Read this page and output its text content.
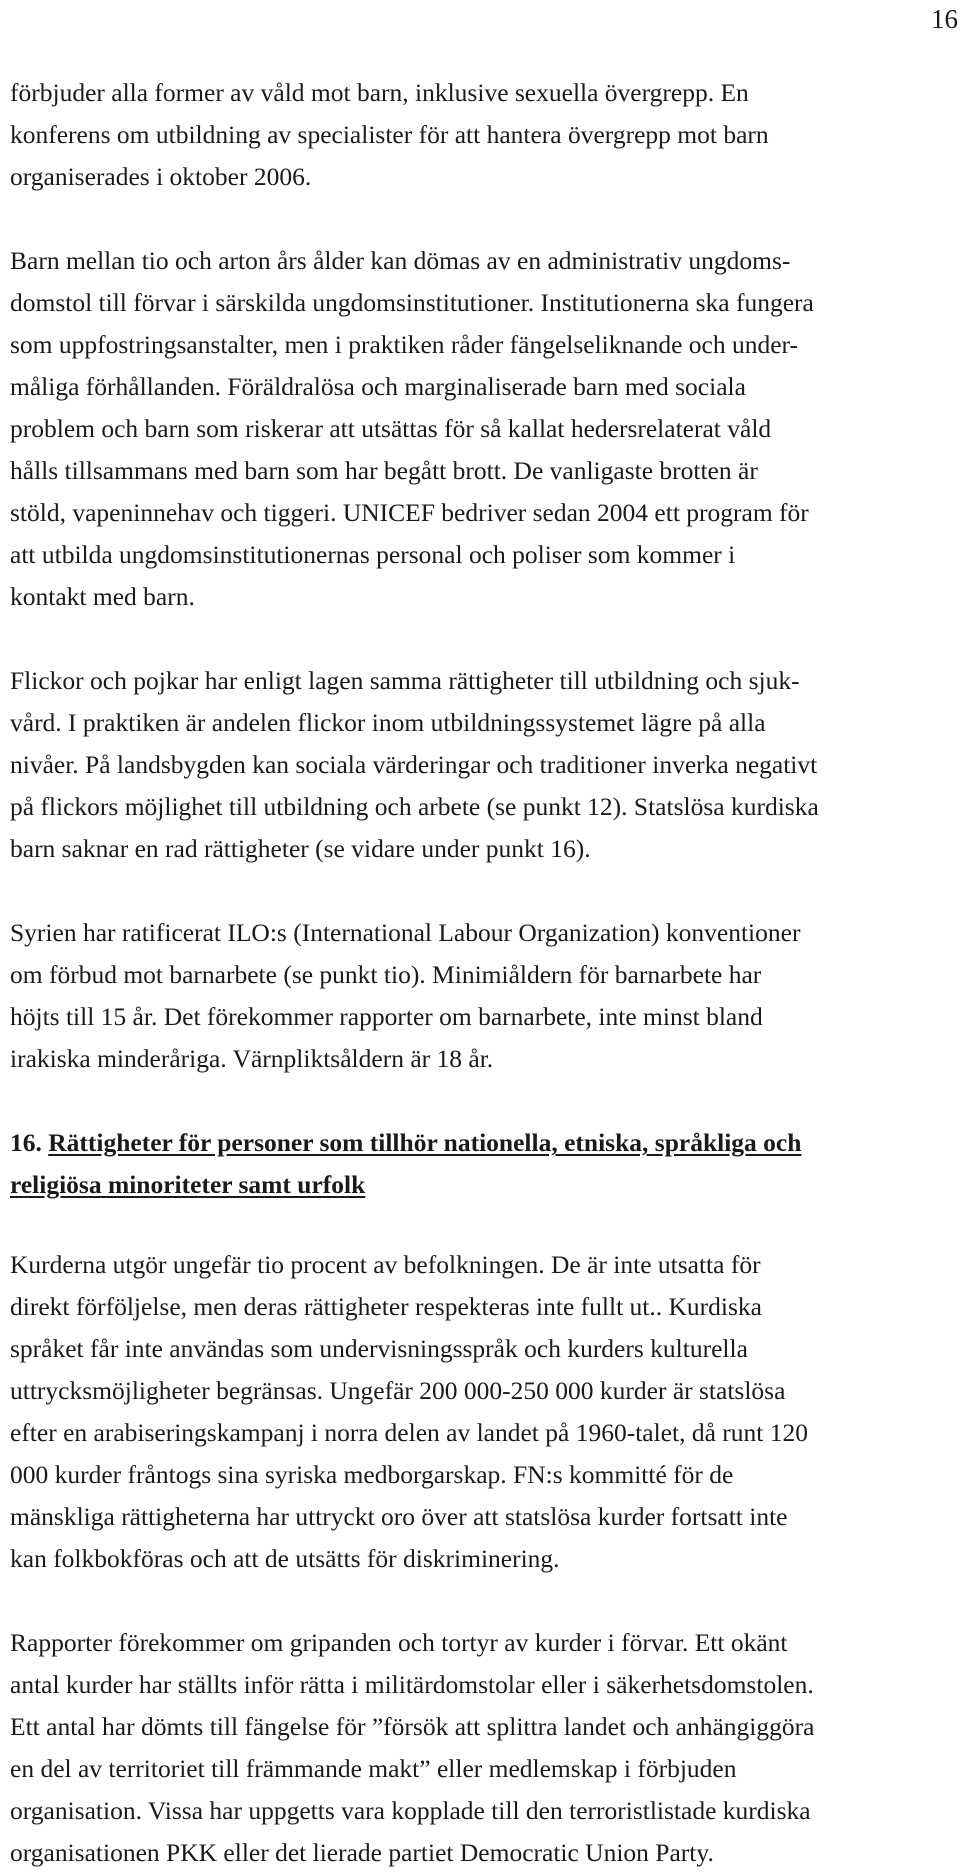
16

förbjuder alla former av våld mot barn, inklusive sexuella övergrepp. En
konferens om utbildning av specialister för att hantera övergrepp mot barn
organiserades i oktober 2006.

Barn mellan tio och arton års ålder kan dömas av en administrativ ungdoms-
domstol till förvar i särskilda ungdomsinstitutioner. Institutionerna ska fungera
som uppfostringsanstalter, men i praktiken råder fängelseliknande och under-
måliga förhållanden. Föräldralösa och marginaliserade barn med sociala
problem och barn som riskerar att utsättas för så kallat hedersrelaterat våld
hålls tillsammans med barn som har begått brott. De vanligaste brotten är
stöld, vapeninnehav och tiggeri. UNICEF bedriver sedan 2004 ett program för
att utbilda ungdomsinstitutionernas personal och poliser som kommer i
kontakt med barn.

Flickor och pojkar har enligt lagen samma rättigheter till utbildning och sjuk-
vård. I praktiken är andelen flickor inom utbildningssystemet lägre på alla
nivåer. På landsbygden kan sociala värderingar och traditioner inverka negativt
på flickors möjlighet till utbildning och arbete (se punkt 12). Statslösa kurdiska
barn saknar en rad rättigheter (se vidare under punkt 16).

Syrien har ratificerat ILO:s (International Labour Organization) konventioner
om förbud mot barnarbete (se punkt tio). Minimiåldern för barnarbete har
höjts till 15 år. Det förekommer rapporter om barnarbete, inte minst bland
irakiska minderåriga. Värnpliktsåldern är 18 år.

16. Rättigheter för personer som tillhör nationella, etniska, språkliga och
religiösa minoriteter samt urfolk

Kurderna utgör ungefär tio procent av befolkningen. De är inte utsatta för
direkt förföljelse, men deras rättigheter respekteras inte fullt ut.. Kurdiska
språket får inte användas som undervisningsspråk och kurders kulturella
uttrycksmöjligheter begränsas. Ungefär 200 000-250 000 kurder är statslösa
efter en arabiseringskampanj i norra delen av landet på 1960-talet, då runt 120
000 kurder fråntogs sina syriska medborgarskap. FN:s kommitté för de
mänskliga rättigheterna har uttryckt oro över att statslösa kurder fortsatt inte
kan folkbokföras och att de utsätts för diskriminering.

Rapporter förekommer om gripanden och tortyr av kurder i förvar. Ett okänt
antal kurder har ställts inför rätta i militärdomstolar eller i säkerhetsdomstolen.
Ett antal har dömts till fängelse för ”försök att splittra landet och anhängiggöra
en del av territoriet till främmande makt” eller medlemskap i förbjuden
organisation. Vissa har uppgetts vara kopplade till den terroristlistade kurdiska
organisationen PKK eller det lierade partiet Democratic Union Party.
